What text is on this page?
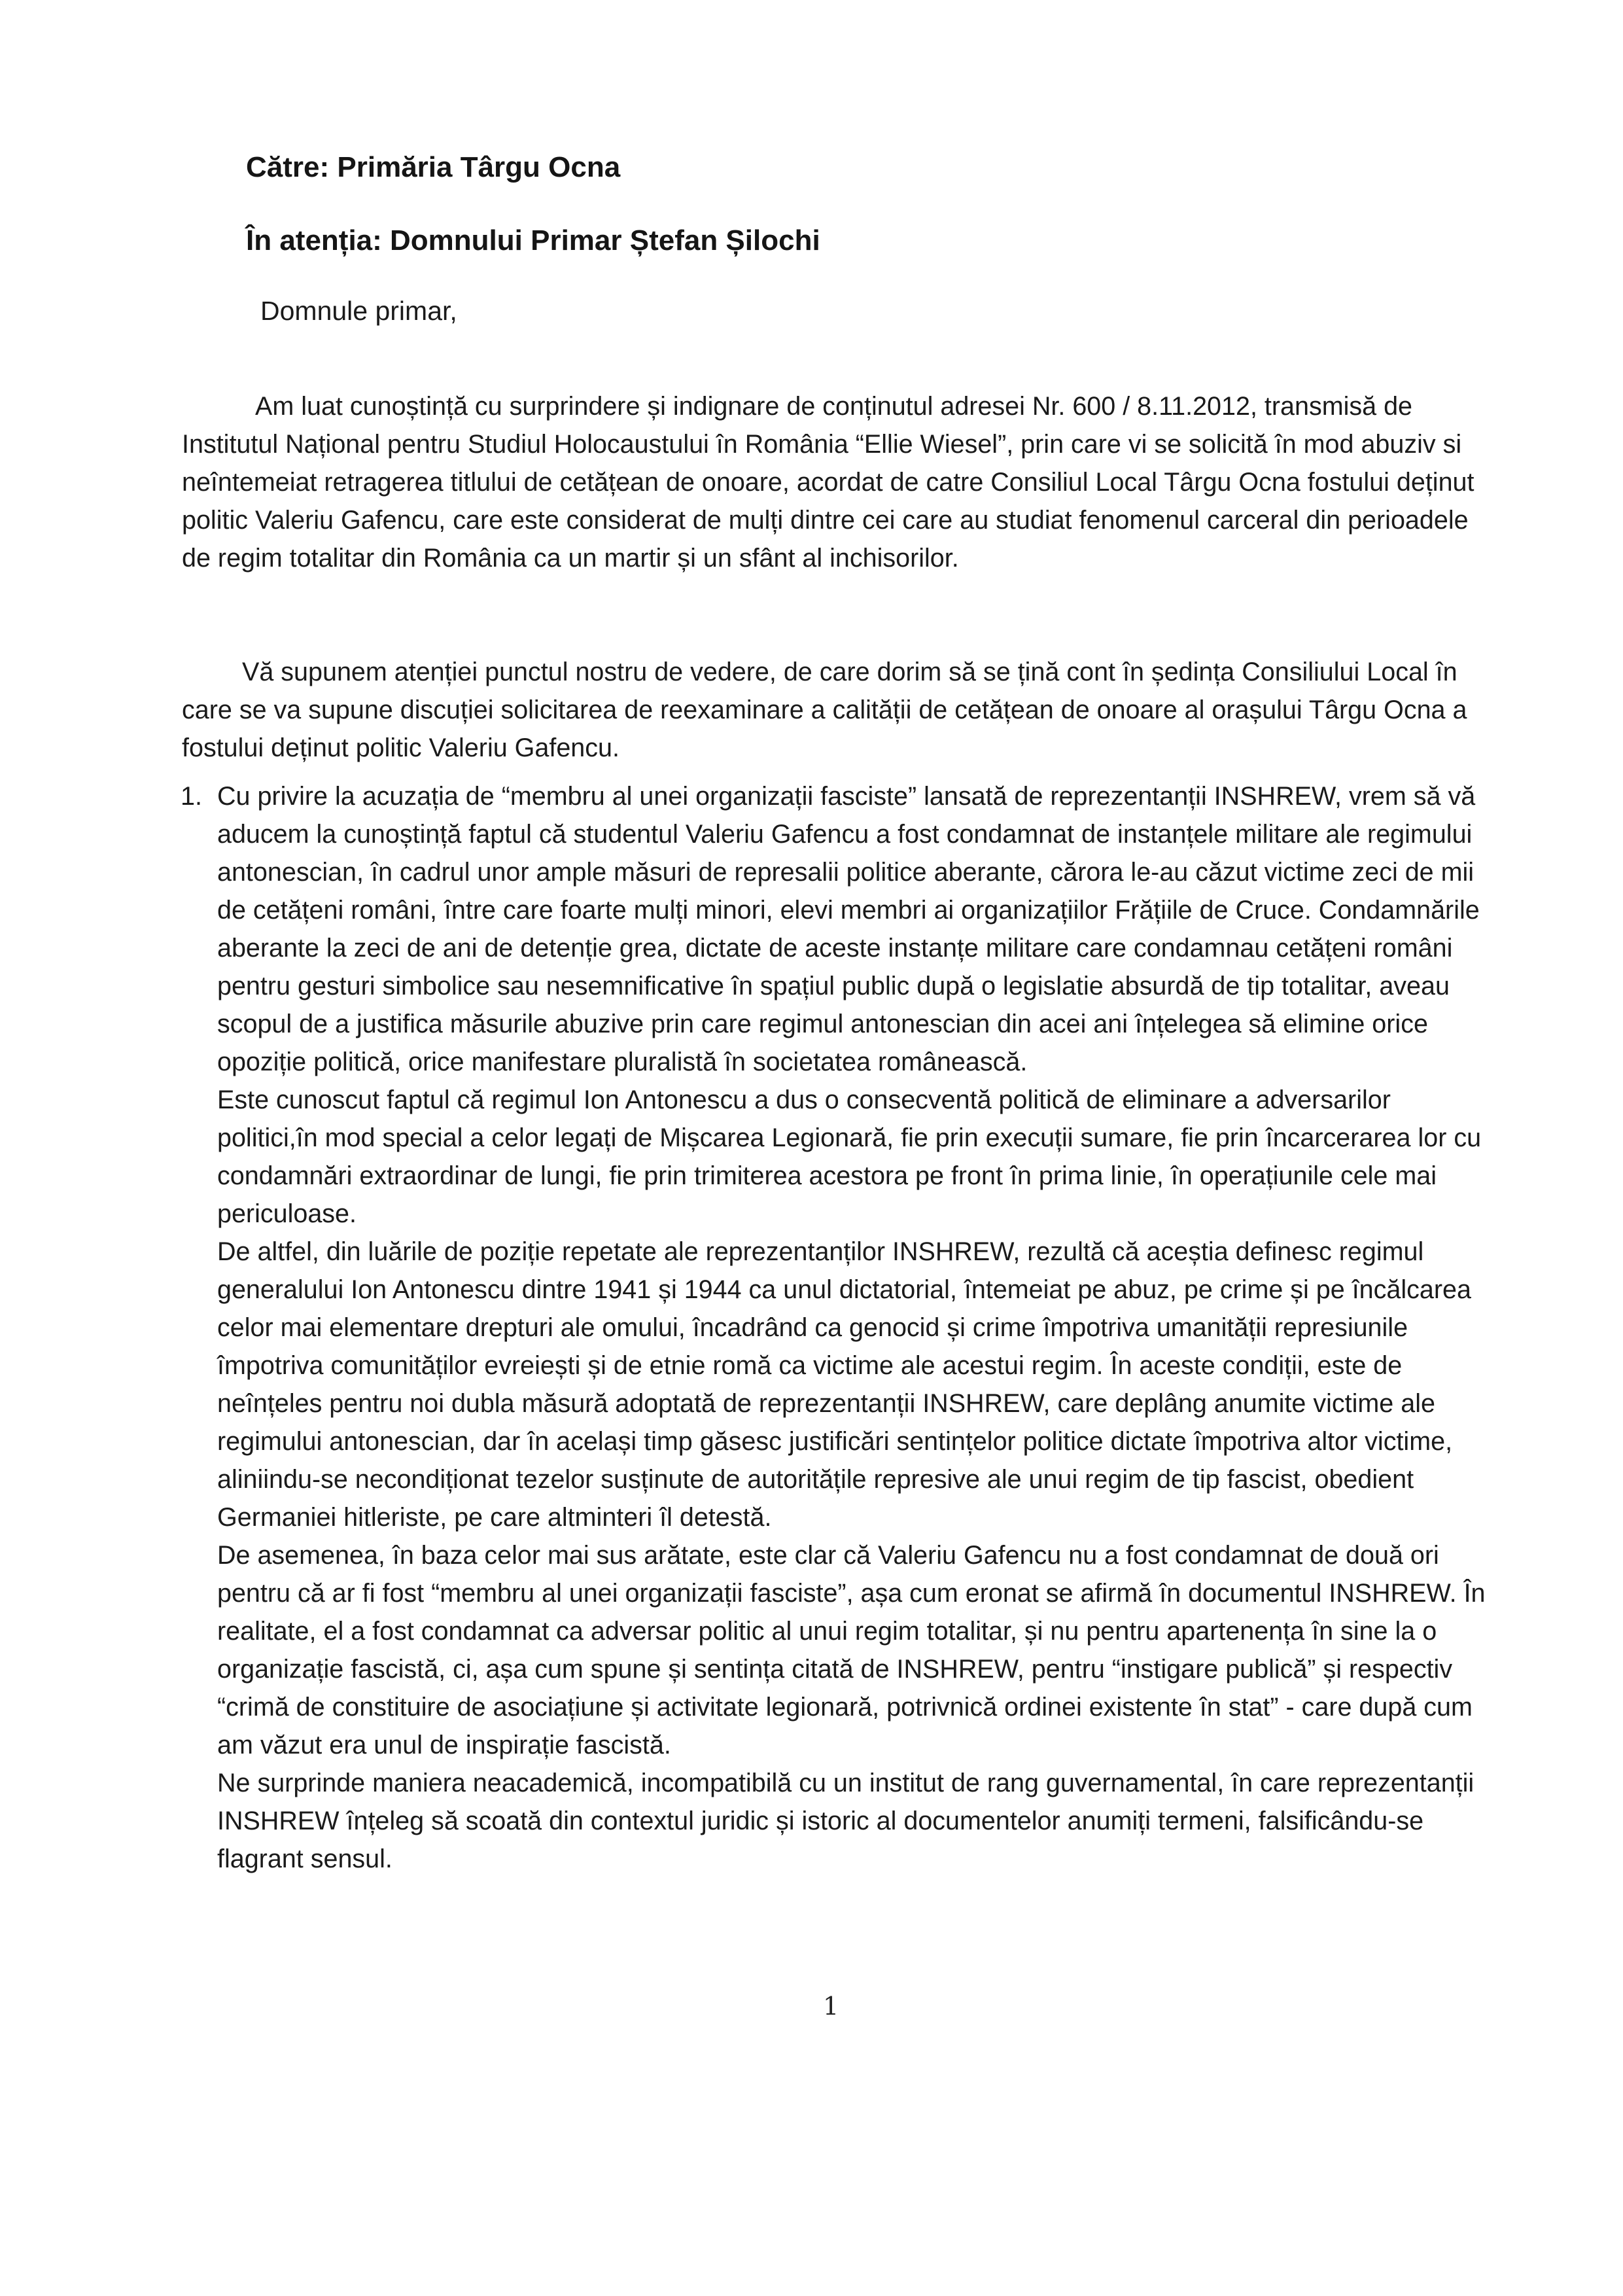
Către: Primăria Târgu Ocna
În atenția: Domnului Primar Ștefan Șilochi
Domnule primar,

Am luat cunoștință cu surprindere și indignare de conținutul adresei Nr. 600 / 8.11.2012, transmisă de Institutul Național pentru Studiul Holocaustului în România “Ellie Wiesel”, prin care vi se solicită în mod abuziv si neîntemeiat retragerea titlului de cetățean de onoare, acordat de catre Consiliul Local Târgu Ocna fostului deținut politic Valeriu Gafencu, care este considerat de mulți dintre cei care au studiat fenomenul carceral din perioadele de regim totalitar din România ca un martir și un sfânt al inchisorilor.

Vă supunem atenției punctul nostru de vedere, de care dorim să se țină cont în ședința Consiliului Local în care se va supune discuției solicitarea de reexaminare a calității de cetățean de onoare al orașului Târgu Ocna a fostului deținut politic Valeriu Gafencu.

1. Cu privire la acuzația de “membru al unei organizații fasciste” lansată de reprezentanții INSHREW, vrem să vă aducem la cunoștință faptul că studentul Valeriu Gafencu a fost condamnat de instanțele militare ale regimului antonescian, în cadrul unor ample măsuri de represalii politice aberante, cărora le-au căzut victime zeci de mii de cetățeni români, între care foarte mulți minori, elevi membri ai organizațiilor Frățiile de Cruce. Condamnările aberante la zeci de ani de detenție grea, dictate de aceste instanțe militare care condamnau cetățeni români pentru gesturi simbolice sau nesemnificative în spațiul public după o legislatie absurdă de tip totalitar, aveau scopul de a justifica măsurile abuzive prin care regimul antonescian din acei ani înțelegea să elimine orice opoziție politică, orice manifestare pluralistă în societatea românească.

Este cunoscut faptul că regimul Ion Antonescu a dus o consecventă politică de eliminare a adversarilor politici,în mod special a celor legați de Mișcarea Legionară, fie prin execuții sumare, fie prin încarcerarea lor cu condamnări extraordinar de lungi, fie prin trimiterea acestora pe front în prima linie, în operațiunile cele mai periculoase.

De altfel, din luările de poziție repetate ale reprezentanților INSHREW, rezultă că aceștia definesc regimul generalului Ion Antonescu dintre 1941 și 1944 ca unul dictatorial, întemeiat pe abuz, pe crime și pe încălcarea celor mai elementare drepturi ale omului, încadrând ca genocid și crime împotriva umanității represiunile împotriva comunităților evreiești și de etnie romă ca victime ale acestui regim. În aceste condiții, este de neînțeles pentru noi dubla măsură adoptată de reprezentanții INSHREW, care deplâng anumite victime ale regimului antonescian, dar în același timp găsesc justificări sentințelor politice dictate împotriva altor victime, aliniindu-se necondiționat tezelor susținute de autoritățile represive ale unui regim de tip fascist, obedient Germaniei hitleriste, pe care altminteri îl detestă.

De asemenea, în baza celor mai sus arătate, este clar că Valeriu Gafencu nu a fost condamnat de două ori pentru că ar fi fost “membru al unei organizații fasciste”, așa cum eronat se afirmă în documentul INSHREW. În realitate, el a fost condamnat ca adversar politic al unui regim totalitar, și nu pentru apartenența în sine la o organizație fascistă, ci, așa cum spune și sentința citată de INSHREW, pentru “instigare publică” și respectiv “crimă de constituire de asociațiune și activitate legionară, potrivnică ordinei existente în stat” - care după cum am văzut era unul de inspirație fascistă.

Ne surprinde maniera neacademică, incompatibilă cu un institut de rang guvernamental, în care reprezentanții INSHREW înțeleg să scoată din contextul juridic și istoric al documentelor anumiți termeni, falsificându-se flagrant sensul.

1
